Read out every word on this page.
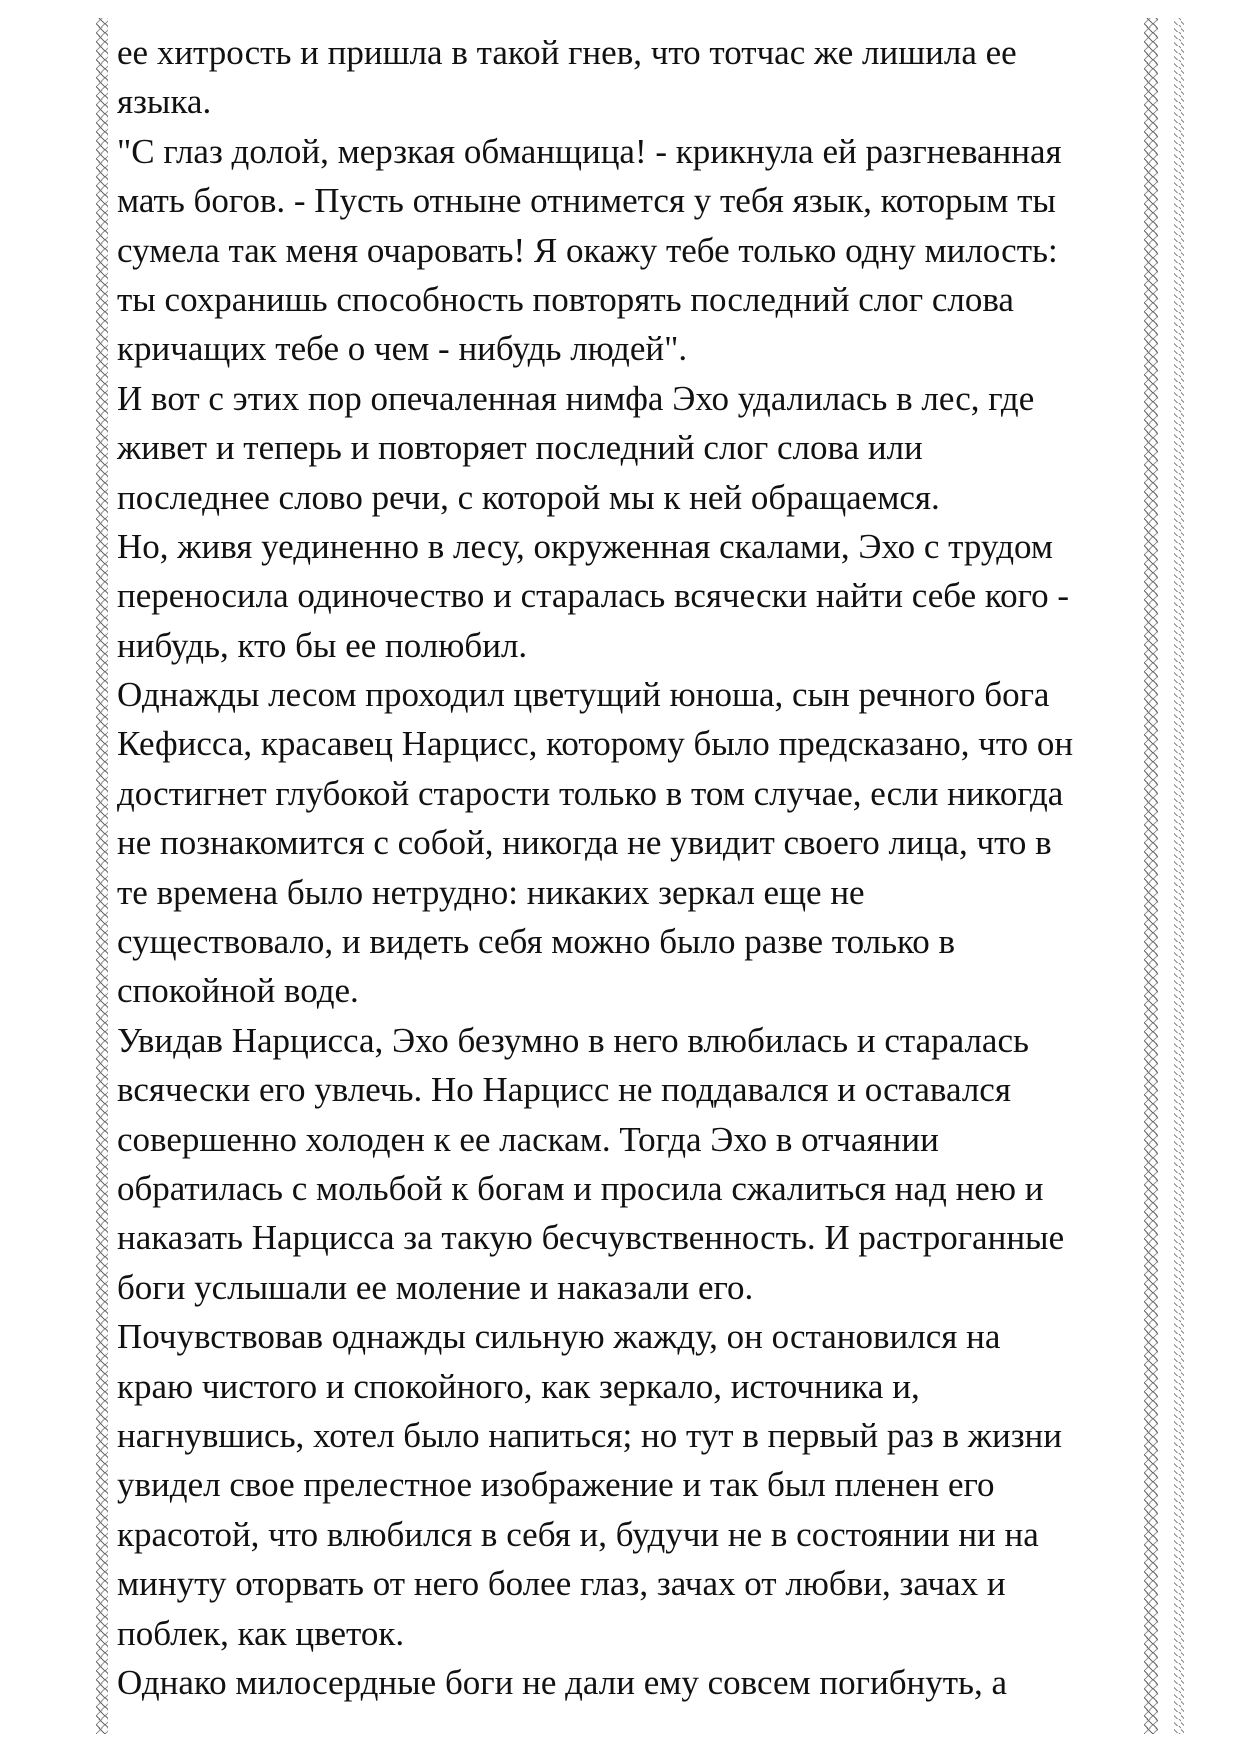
ее хитрость и пришла в такой гнев, что тотчас же лишила ее
языка.
"С глаз долой, мерзкая обманщица! - крикнула ей разгневанная
мать богов. - Пусть отныне отнимется у тебя язык, которым ты
сумела так меня очаровать! Я окажу тебе только одну милость:
ты сохранишь способность повторять последний слог слова
кричащих тебе о чем - нибудь людей".
И вот с этих пор опечаленная нимфа Эхо удалилась в лес, где
живет и теперь и повторяет последний слог слова или
последнее слово речи, с которой мы к ней обращаемся.
Но, живя уединенно в лесу, окруженная скалами, Эхо с трудом
переносила одиночество и старалась всячески найти себе кого -
нибудь, кто бы ее полюбил.
Однажды лесом проходил цветущий юноша, сын речного бога
Кефисса, красавец Нарцисс, которому было предсказано, что он
достигнет глубокой старости только в том случае, если никогда
не познакомится с собой, никогда не увидит своего лица, что в
те времена было нетрудно: никаких зеркал еще не
существовало, и видеть себя можно было разве только в
спокойной воде.
Увидав Нарцисса, Эхо безумно в него влюбилась и старалась
всячески его увлечь. Но Нарцисс не поддавался и оставался
совершенно холоден к ее ласкам. Тогда Эхо в отчаянии
обратилась с мольбой к богам и просила сжалиться над нею и
наказать Нарцисса за такую бесчувственность. И растроганные
боги услышали ее моление и наказали его.
Почувствовав однажды сильную жажду, он остановился на
краю чистого и спокойного, как зеркало, источника и,
нагнувшись, хотел было напиться; но тут в первый раз в жизни
увидел свое прелестное изображение и так был пленен его
красотой, что влюбился в себя и, будучи не в состоянии ни на
минуту оторвать от него более глаз, зачах от любви, зачах и
поблек, как цветок.
Однако милосердные боги не дали ему совсем погибнуть, а
